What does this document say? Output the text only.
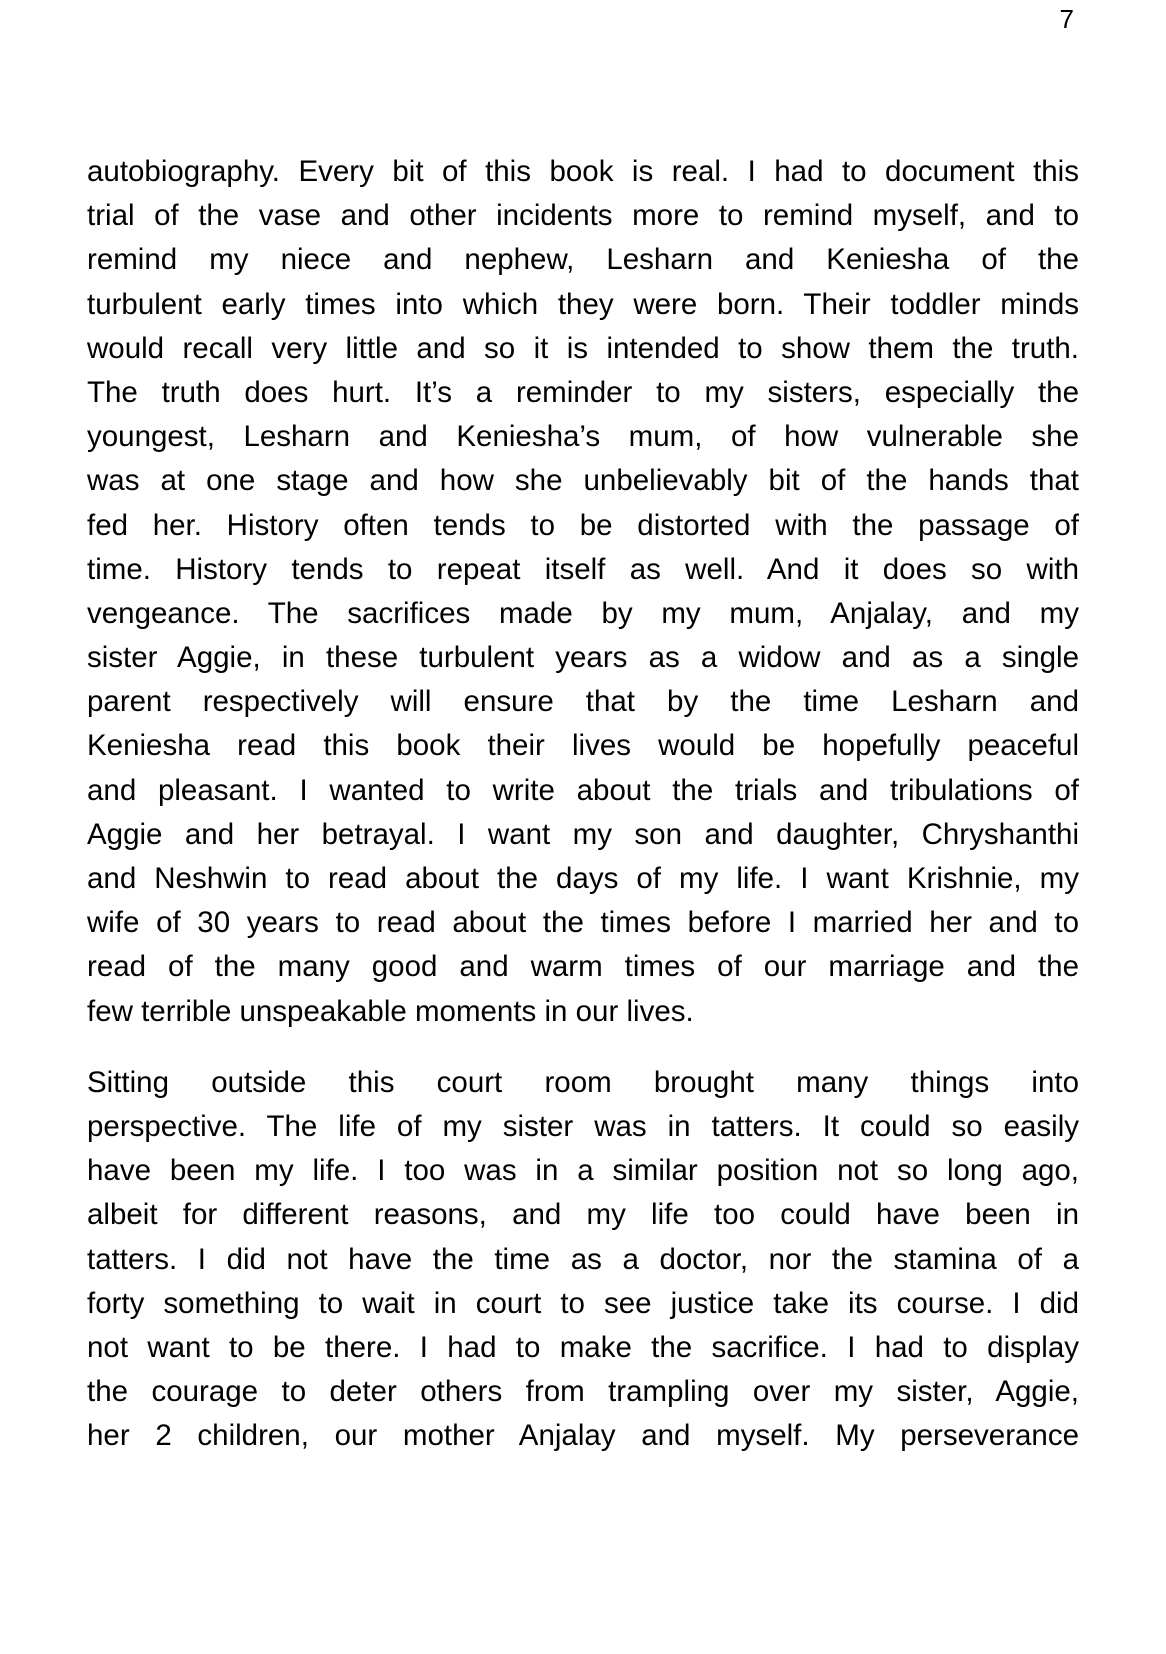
7
autobiography. Every bit of this book is real. I had to document this
trial of the vase and other incidents more to remind myself, and to
remind my niece and nephew, Lesharn and Keniesha of the
turbulent early times into which they were born. Their toddler minds
would recall very little and so it is intended to show them the truth.
The truth does hurt. It’s a reminder to my sisters, especially the
youngest, Lesharn and Keniesha’s mum, of how vulnerable she
was at one stage and how she unbelievably bit of the hands that
fed her. History often tends to be distorted with the passage of
time. History tends to repeat itself as well. And it does so with
vengeance. The sacrifices made by my mum, Anjalay, and my
sister Aggie, in these turbulent years as a widow and as a single
parent respectively will ensure that by the time Lesharn and
Keniesha read this book their lives would be hopefully peaceful
and pleasant. I wanted to write about the trials and tribulations of
Aggie and her betrayal. I want my son and daughter, Chryshanthi
and Neshwin to read about the days of my life. I want Krishnie, my
wife of 30 years to read about the times before I married her and to
read of the many good and warm times of our marriage and the
few terrible unspeakable moments in our lives.
Sitting outside this court room brought many things into
perspective. The life of my sister was in tatters. It could so easily
have been my life. I too was in a similar position not so long ago,
albeit for different reasons, and my life too could have been in
tatters. I did not have the time as a doctor, nor the stamina of a
forty something to wait in court to see justice take its course. I did
not want to be there. I had to make the sacrifice. I had to display
the courage to deter others from trampling over my sister, Aggie,
her 2 children, our mother Anjalay and myself. My perseverance
